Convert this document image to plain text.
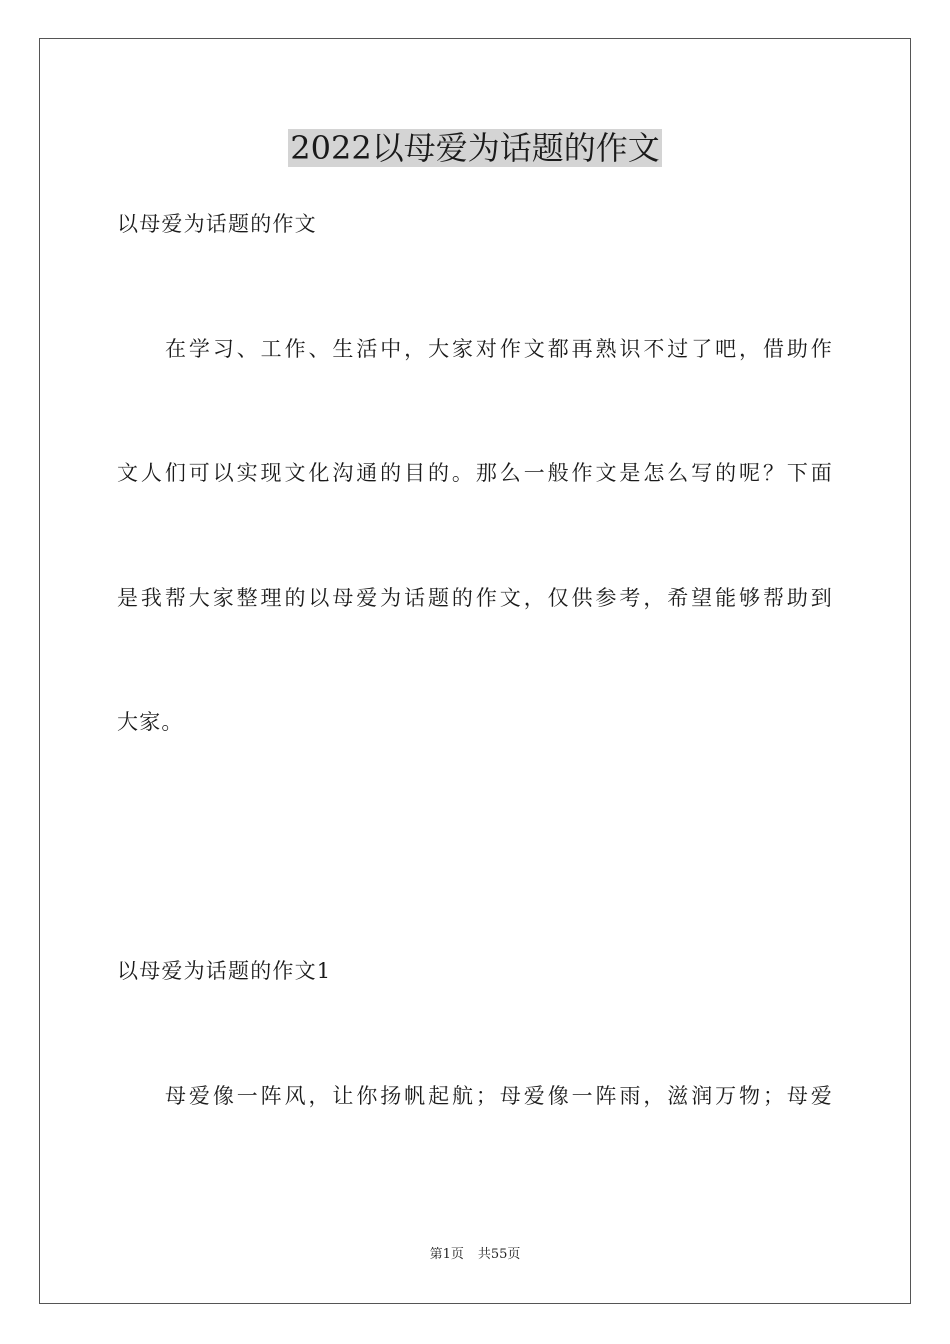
2022以母爱为话题的作文
以母爱为话题的作文
在学习、工作、生活中，大家对作文都再熟识不过了吧，借助作
文人们可以实现文化沟通的目的。那么一般作文是怎么写的呢？下面
是我帮大家整理的以母爱为话题的作文，仅供参考，希望能够帮助到
大家。
以母爱为话题的作文1
母爱像一阵风，让你扬帆起航；母爱像一阵雨，滋润万物；母爱
第1页 共55页
